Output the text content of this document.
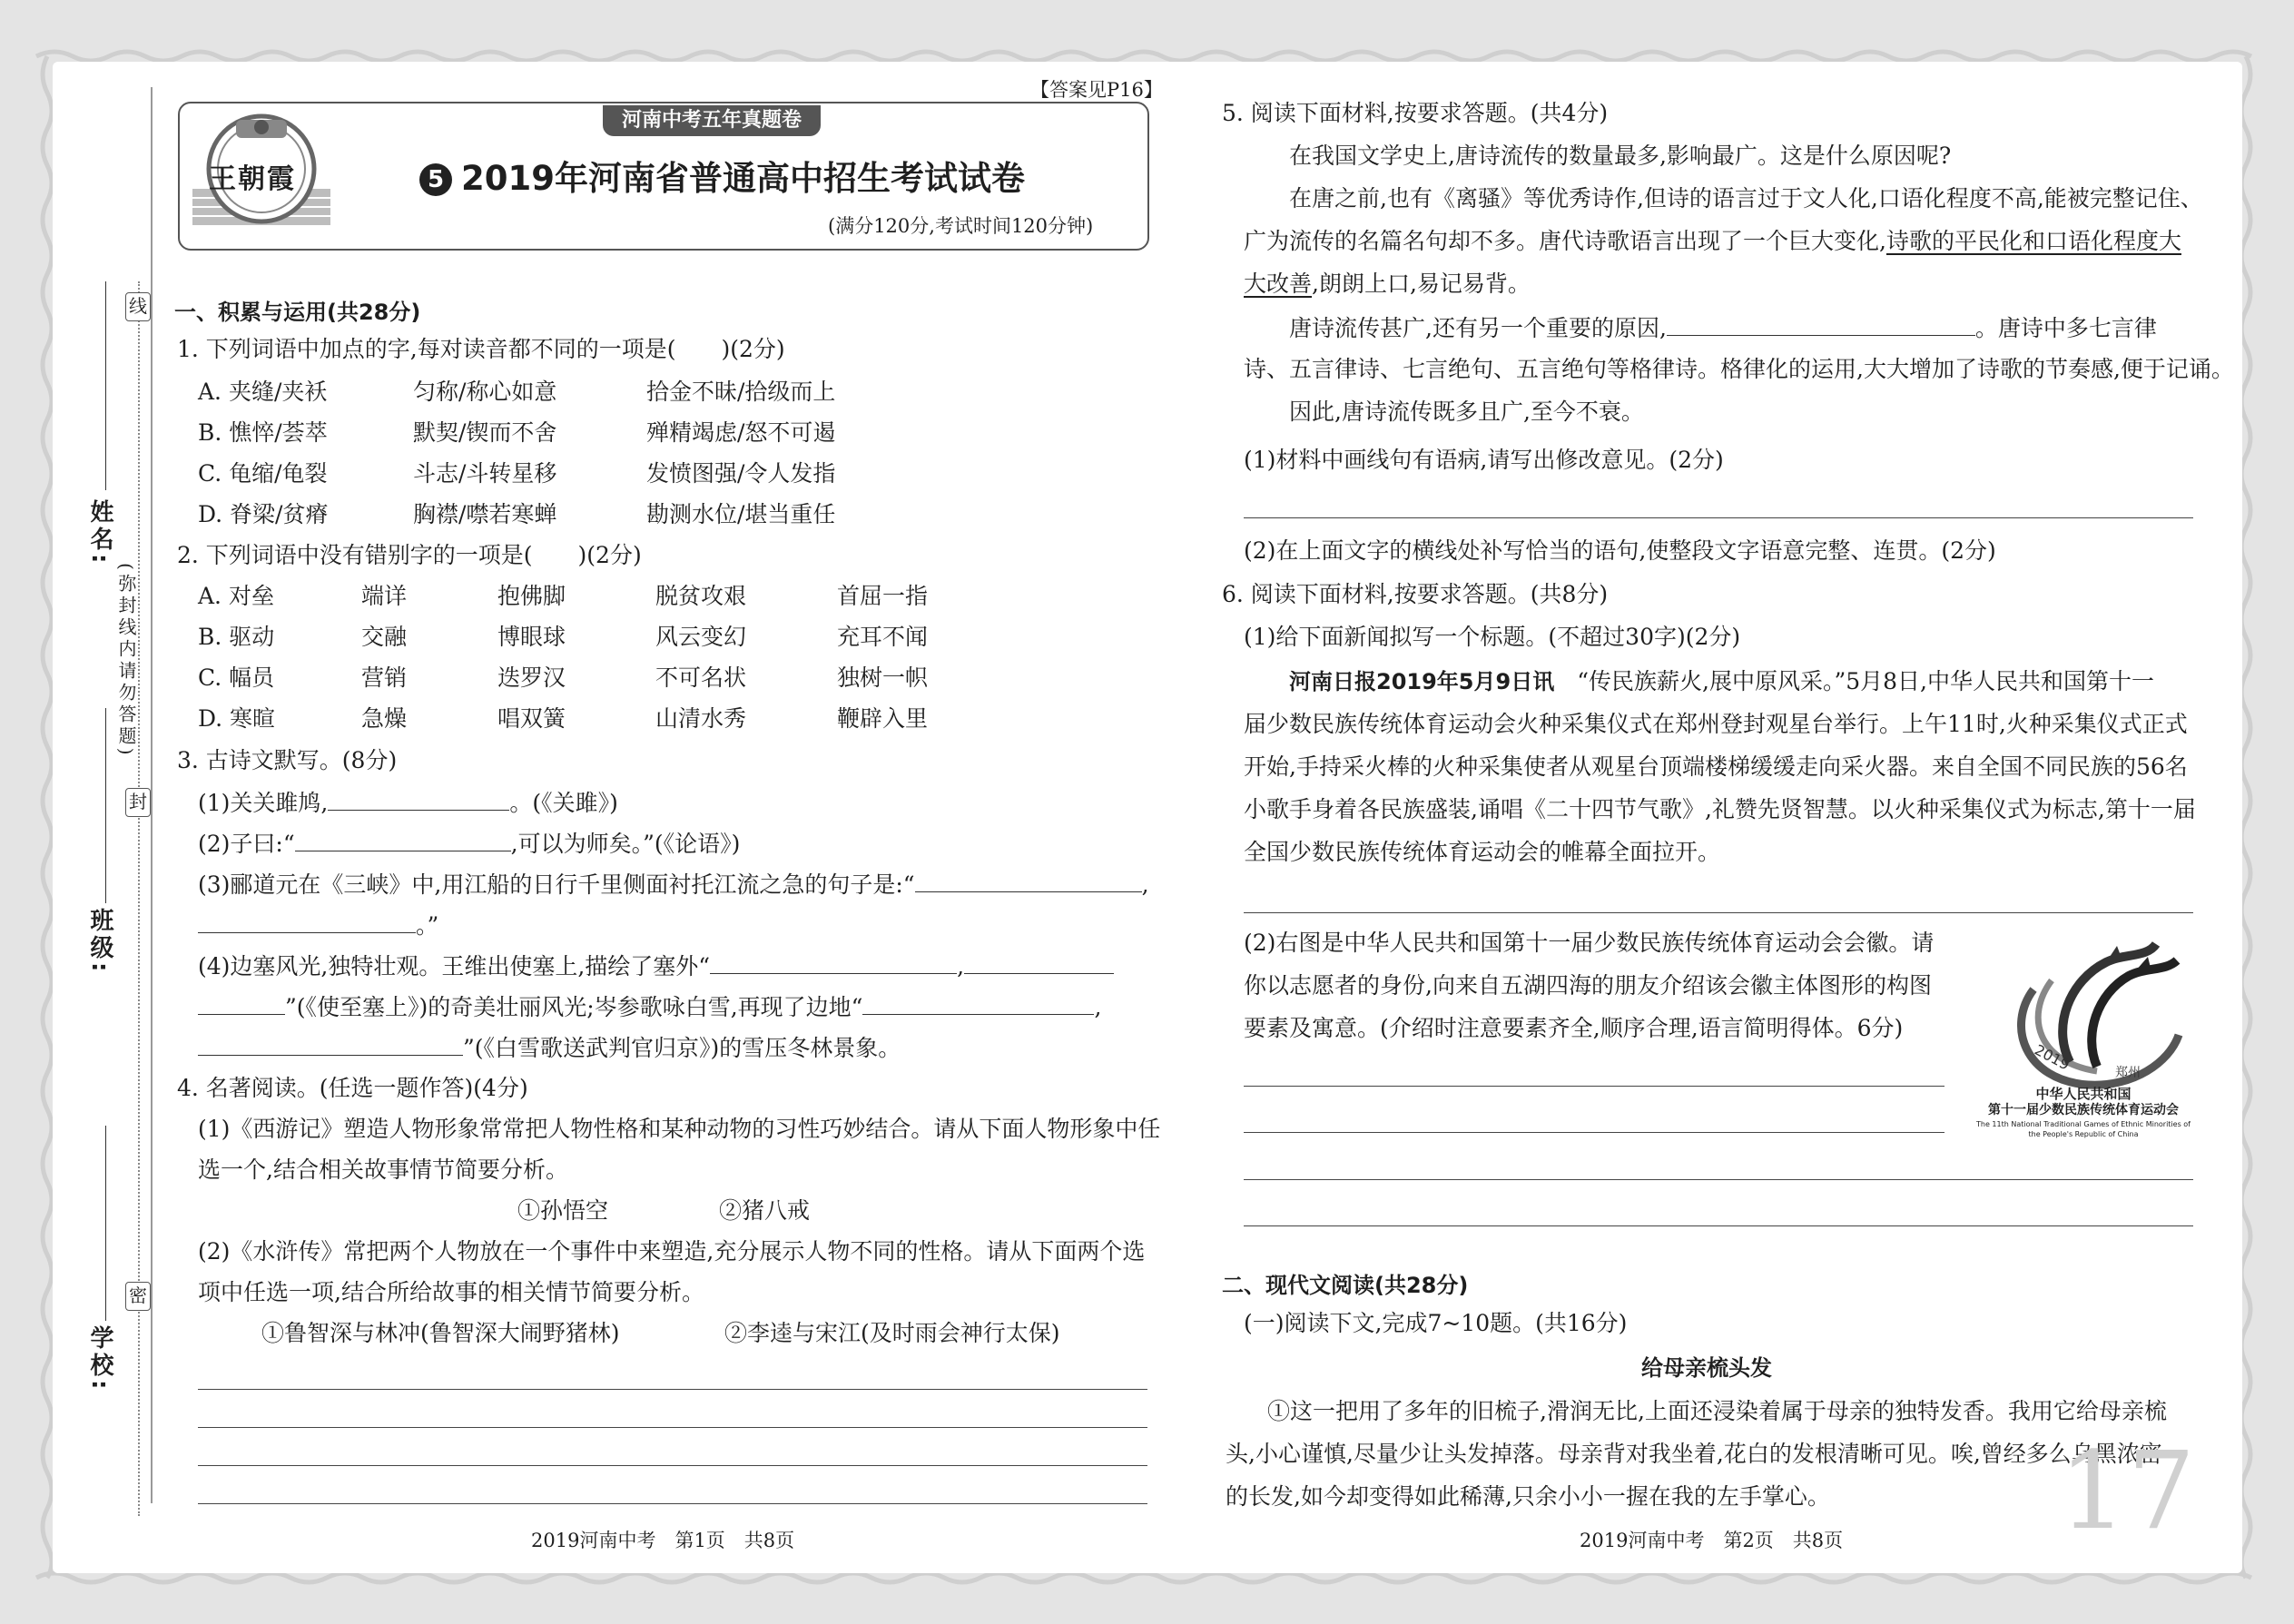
线
封
密
(弥封线内请勿答题)
姓名:
班级:
学校:
【答案见P16】
河南中考五年真题卷
王朝霞	5 2019年河南省普通高中招生考试试卷
(满分120分,考试时间120分钟)
一、积累与运用(共28分)
1. 下列词语中加点的字,每对读音都不同的一项是(　　)(2分)
A. 夹缝/夹袄	匀称/称心如意	拾金不昧/拾级而上
B. 憔悴/荟萃	默契/锲而不舍	殚精竭虑/怒不可遏
C. 龟缩/龟裂	斗志/斗转星移	发愤图强/令人发指
D. 脊梁/贫瘠	胸襟/噤若寒蝉	勘测水位/堪当重任
2. 下列词语中没有错别字的一项是(　　)(2分)
A. 对垒	端详	抱佛脚	脱贫攻艰	首屈一指
B. 驱动	交融	博眼球	风云变幻	充耳不闻
C. 幅员	营销	迭罗汉	不可名状	独树一帜
D. 寒暄	急燥	唱双簧	山清水秀	鞭辟入里
3. 古诗文默写。(8分)
(1)关关雎鸠,	。(《关雎》)
(2)子曰:“	,可以为师矣。”(《论语》)
(3)郦道元在《三峡》中,用江船的日行千里侧面衬托江流之急的句子是:“	,
。”
(4)边塞风光,独特壮观。王维出使塞上,描绘了塞外“	,
”(《使至塞上》)的奇美壮丽风光;岑参歌咏白雪,再现了边地“	,
”(《白雪歌送武判官归京》)的雪压冬林景象。
4. 名著阅读。(任选一题作答)(4分)
(1)《西游记》塑造人物形象常常把人物性格和某种动物的习性巧妙结合。请从下面人物形象中任
选一个,结合相关故事情节简要分析。
①孙悟空	②猪八戒
(2)《水浒传》常把两个人物放在一个事件中来塑造,充分展示人物不同的性格。请从下面两个选
项中任选一项,结合所给故事的相关情节简要分析。
①鲁智深与林冲(鲁智深大闹野猪林)	②李逵与宋江(及时雨会神行太保)
2019河南中考　第1页　共8页
5. 阅读下面材料,按要求答题。(共4分)
在我国文学史上,唐诗流传的数量最多,影响最广。这是什么原因呢?
在唐之前,也有《离骚》等优秀诗作,但诗的语言过于文人化,口语化程度不高,能被完整记住、
广为流传的名篇名句却不多。唐代诗歌语言出现了一个巨大变化,诗歌的平民化和口语化程度大
大改善,朗朗上口,易记易背。
唐诗流传甚广,还有另一个重要的原因,	。唐诗中多七言律
诗、五言律诗、七言绝句、五言绝句等格律诗。格律化的运用,大大增加了诗歌的节奏感,便于记诵。
因此,唐诗流传既多且广,至今不衰。
(1)材料中画线句有语病,请写出修改意见。(2分)
(2)在上面文字的横线处补写恰当的语句,使整段文字语意完整、连贯。(2分)
6. 阅读下面材料,按要求答题。(共8分)
(1)给下面新闻拟写一个标题。(不超过30字)(2分)
河南日报2019年5月9日讯　 “传民族薪火,展中原风采。”5月8日,中华人民共和国第十一
届少数民族传统体育运动会火种采集仪式在郑州登封观星台举行。上午11时,火种采集仪式正式
开始,手持采火棒的火种采集使者从观星台顶端楼梯缓缓走向采火器。来自全国不同民族的56名
小歌手身着各民族盛装,诵唱《二十四节气歌》,礼赞先贤智慧。以火种采集仪式为标志,第十一届
全国少数民族传统体育运动会的帷幕全面拉开。
(2)右图是中华人民共和国第十一届少数民族传统体育运动会会徽。请
你以志愿者的身份,向来自五湖四海的朋友介绍该会徽主体图形的构图
要素及寓意。(介绍时注意要素齐全,顺序合理,语言简明得体。6分)
2019	郑州
中华人民共和国
第十一届少数民族传统体育运动会
The 11th National Traditional Games of Ethnic Minorities of
the People's Republic of China
二、现代文阅读(共28分)
(一)阅读下文,完成7~10题。(共16分)
给母亲梳头发
①这一把用了多年的旧梳子,滑润无比,上面还浸染着属于母亲的独特发香。我用它给母亲梳
头,小心谨慎,尽量少让头发掉落。母亲背对我坐着,花白的发根清晰可见。唉,曾经多么乌黑浓密
的长发,如今却变得如此稀薄,只余小小一握在我的左手掌心。 17
2019河南中考　第2页　共8页
